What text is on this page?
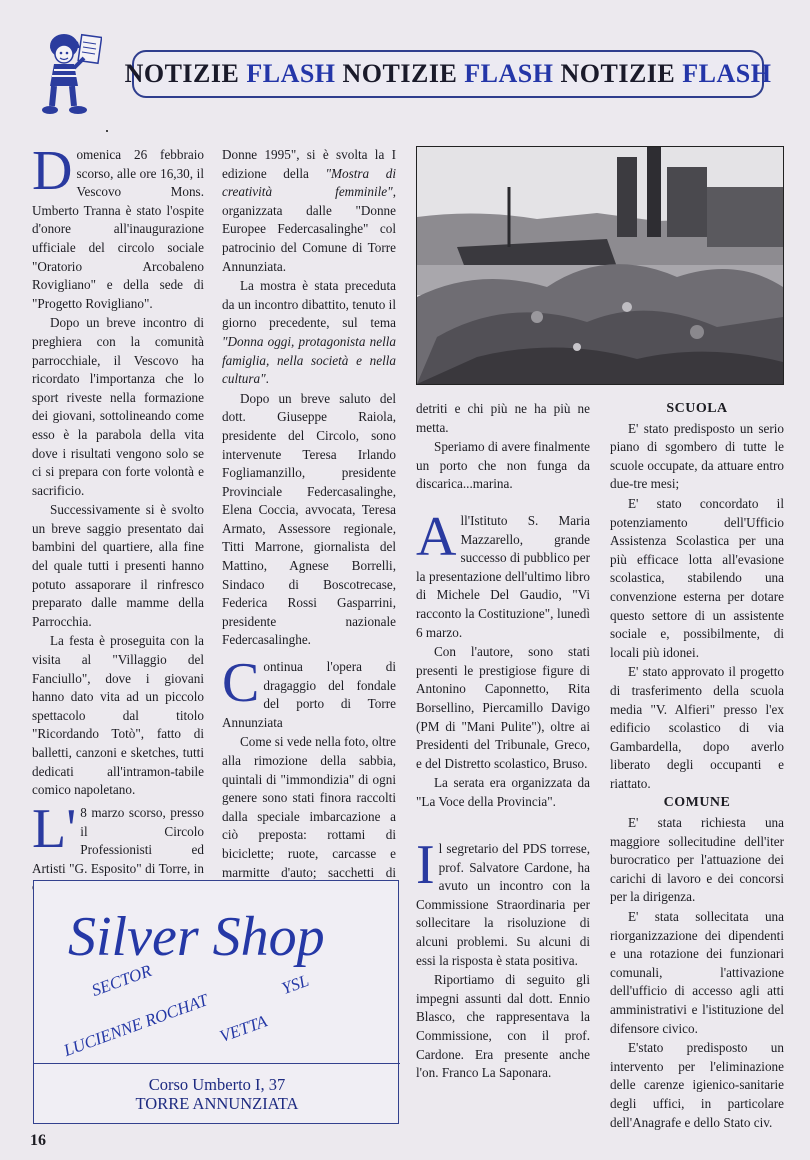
NOTIZIE
FLASH
NOTIZIE
FLASH
NOTIZIE
FLASH

Domenica 26 febbraio scorso, alle ore 16,30, il Vescovo Mons. Umberto Tranna è stato l'ospite d'onore all'inaugurazione ufficiale del circolo sociale "Oratorio Arcobaleno Rovigliano" e della sede di "Progetto Rovigliano".

Dopo un breve incontro di preghiera con la comunità parrocchiale, il Vescovo ha ricordato l'importanza che lo sport riveste nella formazione dei giovani, sottolineando come esso è la parabola della vita dove i risultati vengono solo se ci si prepara con forte volontà e sacrificio.

Successivamente si è svolto un breve saggio presentato dai bambini del quartiere, alla fine del quale tutti i presenti hanno potuto assaporare il rinfresco preparato dalle mamme della Parrocchia.

La festa è proseguita con la visita al "Villaggio del Fanciullo", dove i giovani hanno dato vita ad un piccolo spettacolo dal titolo "Ricordando Totò", fatto di balletti, canzoni e sketches, tutti dedicati all'intramon-tabile comico napoletano.

L' 8 marzo scorso, presso il Circolo Professionisti ed Artisti "G. Esposito" di Torre, in

Donne 1995", si è svolta la I edizione della "Mostra di creatività femminile", organizzata dalle "Donne Europee Federcasalinghe" col patrocinio del Comune di Torre Annunziata.

La mostra è stata preceduta da un incontro dibattito, tenuto il giorno precedente, sul tema "Donna oggi, protagonista nella famiglia, nella società e nella cultura".

Dopo un breve saluto del dott. Giuseppe Raiola, presidente del Circolo, sono intervenute Teresa Irlando Fogliamanzillo, presidente Provinciale Federcasalinghe, Elena Coccia, avvocata, Teresa Armato, Assessore regionale, Titti Marrone, giornalista del Mattino, Agnese Borrelli, Sindaco di Boscotrecase, Federica Rossi Gasparrini, presidente nazionale Federcasalinghe.

Continua l'opera di dragaggio del fondale del porto di Torre Annunziata

Come si vede nella foto, oltre alla rimozione della sabbia, quintali di "immondizia" di ogni genere sono stati finora raccolti dalla speciale imbarcazione a ciò preposta: rottami di biciclette; ruote, carcasse e marmitte d'auto; sacchetti di

detriti e chi più ne ha più ne metta.

Speriamo di avere finalmente un porto che non funga da discarica...marina.

All'Istituto S. Maria Mazzarello, grande successo di pubblico per la presentazione dell'ultimo libro di Michele Del Gaudio, "Vi racconto la Costituzione", lunedì 6 marzo.

Con l'autore, sono stati presenti le prestigiose figure di Antonino Caponnetto, Rita Borsellino, Piercamillo Davigo (PM di "Mani Pulite"), oltre ai Presidenti del Tribunale, Greco, e del Distretto scolastico, Bruso.

La serata era organizzata da "La Voce della Provincia".

Il segretario del PDS torrese, prof. Salvatore Cardone, ha avuto un incontro con la Commissione Straordinaria per sollecitare la risoluzione di alcuni problemi. Su alcuni di essi la risposta è stata positiva.

Riportiamo di seguito gli impegni assunti dal dott. Ennio Blasco, che rappresentava la Commissione, con il prof. Cardone. Era presente anche l'on. Franco La Saponara.

SCUOLA

E' stato predisposto un serio piano di sgombero di tutte le scuole occupate, da attuare entro due-tre mesi;

E' stato concordato il potenziamento dell'Ufficio Assistenza Scolastica per una più efficace lotta all'evasione scolastica, stabilendo una convenzione esterna per dotare questo settore di un assistente sociale e, possibilmente, di locali più idonei.

E' stato approvato il progetto di trasferimento della scuola media "V. Alfieri" presso l'ex edificio scolastico di via Gambardella, dopo averlo liberato degli occupanti e riattato.

COMUNE

E' stata richiesta una maggiore sollecitudine dell'iter burocratico per l'attuazione dei carichi di lavoro e dei concorsi per la dirigenza.

E' stata sollecitata una riorganizzazione dei dipendenti e una rotazione dei funzionari comunali, l'attivazione dell'ufficio di accesso agli atti amministrativi e l'istituzione del difensore civico.

E'stato predisposto un intervento per l'eliminazione delle carenze igienico-sanitarie degli uffici, in particolare dell'Anagrafe e dello Stato civ.

Silver Shop
SECTOR
LUCIENNE ROCHAT
YSL
VETTA
Corso Umberto I, 37
TORRE ANNUNZIATA
16
